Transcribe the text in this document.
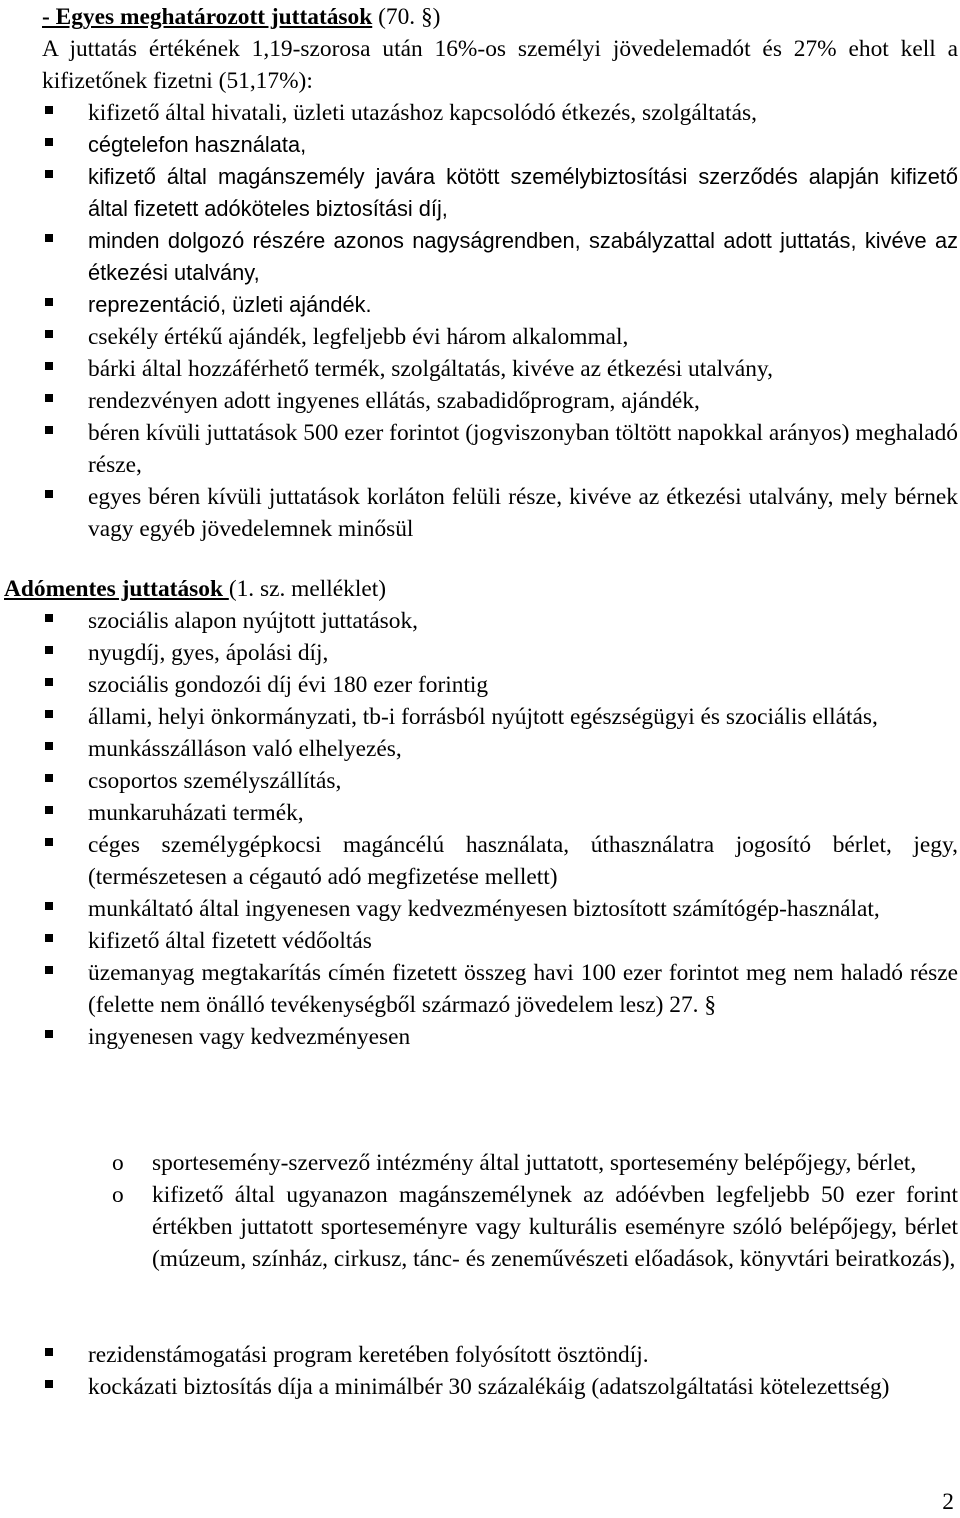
- Egyes meghatározott juttatások (70. §)
A juttatás értékének 1,19-szorosa után 16%-os személyi jövedelemadót és 27% ehot kell a kifizetőnek fizetni (51,17%):
kifizető által hivatali, üzleti utazáshoz kapcsolódó étkezés, szolgáltatás,
cégtelefon használata,
kifizető által magánszemély javára kötött személybiztosítási szerződés alapján kifizető által fizetett adóköteles biztosítási díj,
minden dolgozó részére azonos nagyságrendben, szabályzattal adott juttatás, kivéve az étkezési utalvány,
reprezentáció, üzleti ajándék.
csekély értékű ajándék, legfeljebb évi három alkalommal,
bárki által hozzáférhető termék, szolgáltatás, kivéve az étkezési utalvány,
rendezvényen adott ingyenes ellátás, szabadidőprogram, ajándék,
béren kívüli juttatások 500 ezer forintot (jogviszonyban töltött napokkal arányos) meghaladó része,
egyes béren kívüli juttatások korláton felüli része, kivéve az étkezési utalvány, mely bérnek vagy egyéb jövedelemnek minősül
Adómentes juttatások (1. sz. melléklet)
szociális alapon nyújtott juttatások,
nyugdíj, gyes, ápolási díj,
szociális gondozói díj évi 180 ezer forintig
állami, helyi önkormányzati, tb-i forrásból nyújtott egészségügyi és szociális ellátás,
munkásszálláson való elhelyezés,
csoportos személyszállítás,
munkaruházati termék,
céges személygépkocsi magáncélú használata, úthasználatra jogosító bérlet, jegy, (természetesen a cégautó adó megfizetése mellett)
munkáltató által ingyenesen vagy kedvezményesen biztosított számítógép-használat,
kifizető által fizetett védőoltás
üzemanyag megtakarítás címén fizetett összeg havi 100 ezer forintot meg nem haladó része (felette nem önálló tevékenységből származó jövedelem lesz) 27. §
ingyenesen vagy kedvezményesen
o sportesemény-szervező intézmény által juttatott, sportesemény belépőjegy, bérlet,
o kifizető által ugyanazon magánszemélynek az adóévben legfeljebb 50 ezer forint értékben juttatott sporteseményre vagy kulturális eseményre szóló belépőjegy, bérlet (múzeum, színház, cirkusz, tánc- és zeneművészeti előadások, könyvtári beiratkozás),
rezidenstámogatási program keretében folyósított ösztöndíj.
kockázati biztosítás díja a minimálbér 30 százalékáig (adatszolgáltatási kötelezettség)
2
